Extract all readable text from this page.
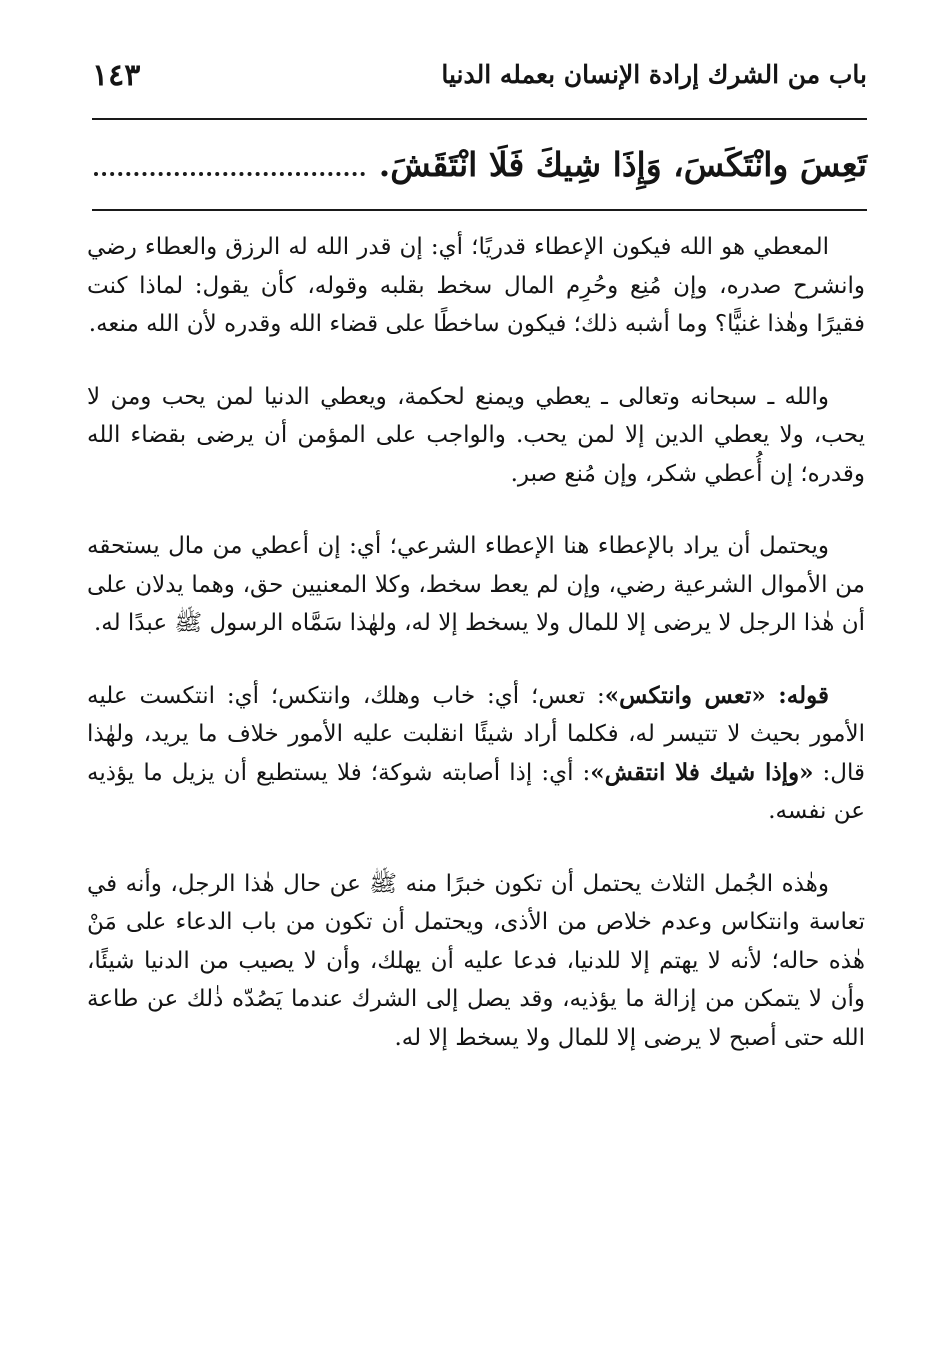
باب من الشرك إرادة الإنسان بعمله الدنيا
١٤٣
تَعِسَ وانْتَكَسَ، وَإِذَا شِيكَ فَلَا انْتَقَشَ.

المعطي هو الله فيكون الإعطاء قدريًا؛ أي: إن قدر الله له الرزق والعطاء رضي وانشرح صدره، وإن مُنِع وحُرِم المال سخط بقلبه وقوله، كأن يقول: لماذا كنت فقيرًا وهٰذا غنيًّا؟ وما أشبه ذلك؛ فيكون ساخطًا على قضاء الله وقدره لأن الله منعه.

والله ـ سبحانه وتعالى ـ يعطي ويمنع لحكمة، ويعطي الدنيا لمن يحب ومن لا يحب، ولا يعطي الدين إلا لمن يحب. والواجب على المؤمن أن يرضى بقضاء الله وقدره؛ إن أُعطي شكر، وإن مُنع صبر.

ويحتمل أن يراد بالإعطاء هنا الإعطاء الشرعي؛ أي: إن أعطي من مال يستحقه من الأموال الشرعية رضي، وإن لم يعط سخط، وكلا المعنيين حق، وهما يدلان على أن هٰذا الرجل لا يرضى إلا للمال ولا يسخط إلا له، ولهٰذا سَمَّاه الرسول ﷺ عبدًا له.

قوله: «تعس وانتكس»: تعس؛ أي: خاب وهلك، وانتكس؛ أي: انتكست عليه الأمور بحيث لا تتيسر له، فكلما أراد شيئًا انقلبت عليه الأمور خلاف ما يريد، ولهٰذا قال: «وإذا شيك فلا انتقش»: أي: إذا أصابته شوكة؛ فلا يستطيع أن يزيل ما يؤذيه عن نفسه.

وهٰذه الجُمل الثلاث يحتمل أن تكون خبرًا منه ﷺ عن حال هٰذا الرجل، وأنه في تعاسة وانتكاس وعدم خلاص من الأذى، ويحتمل أن تكون من باب الدعاء على مَنْ هٰذه حاله؛ لأنه لا يهتم إلا للدنيا، فدعا عليه أن يهلك، وأن لا يصيب من الدنيا شيئًا، وأن لا يتمكن من إزالة ما يؤذيه، وقد يصل إلى الشرك عندما يَصُدّه ذٰلك عن طاعة الله حتى أصبح لا يرضى إلا للمال ولا يسخط إلا له.
